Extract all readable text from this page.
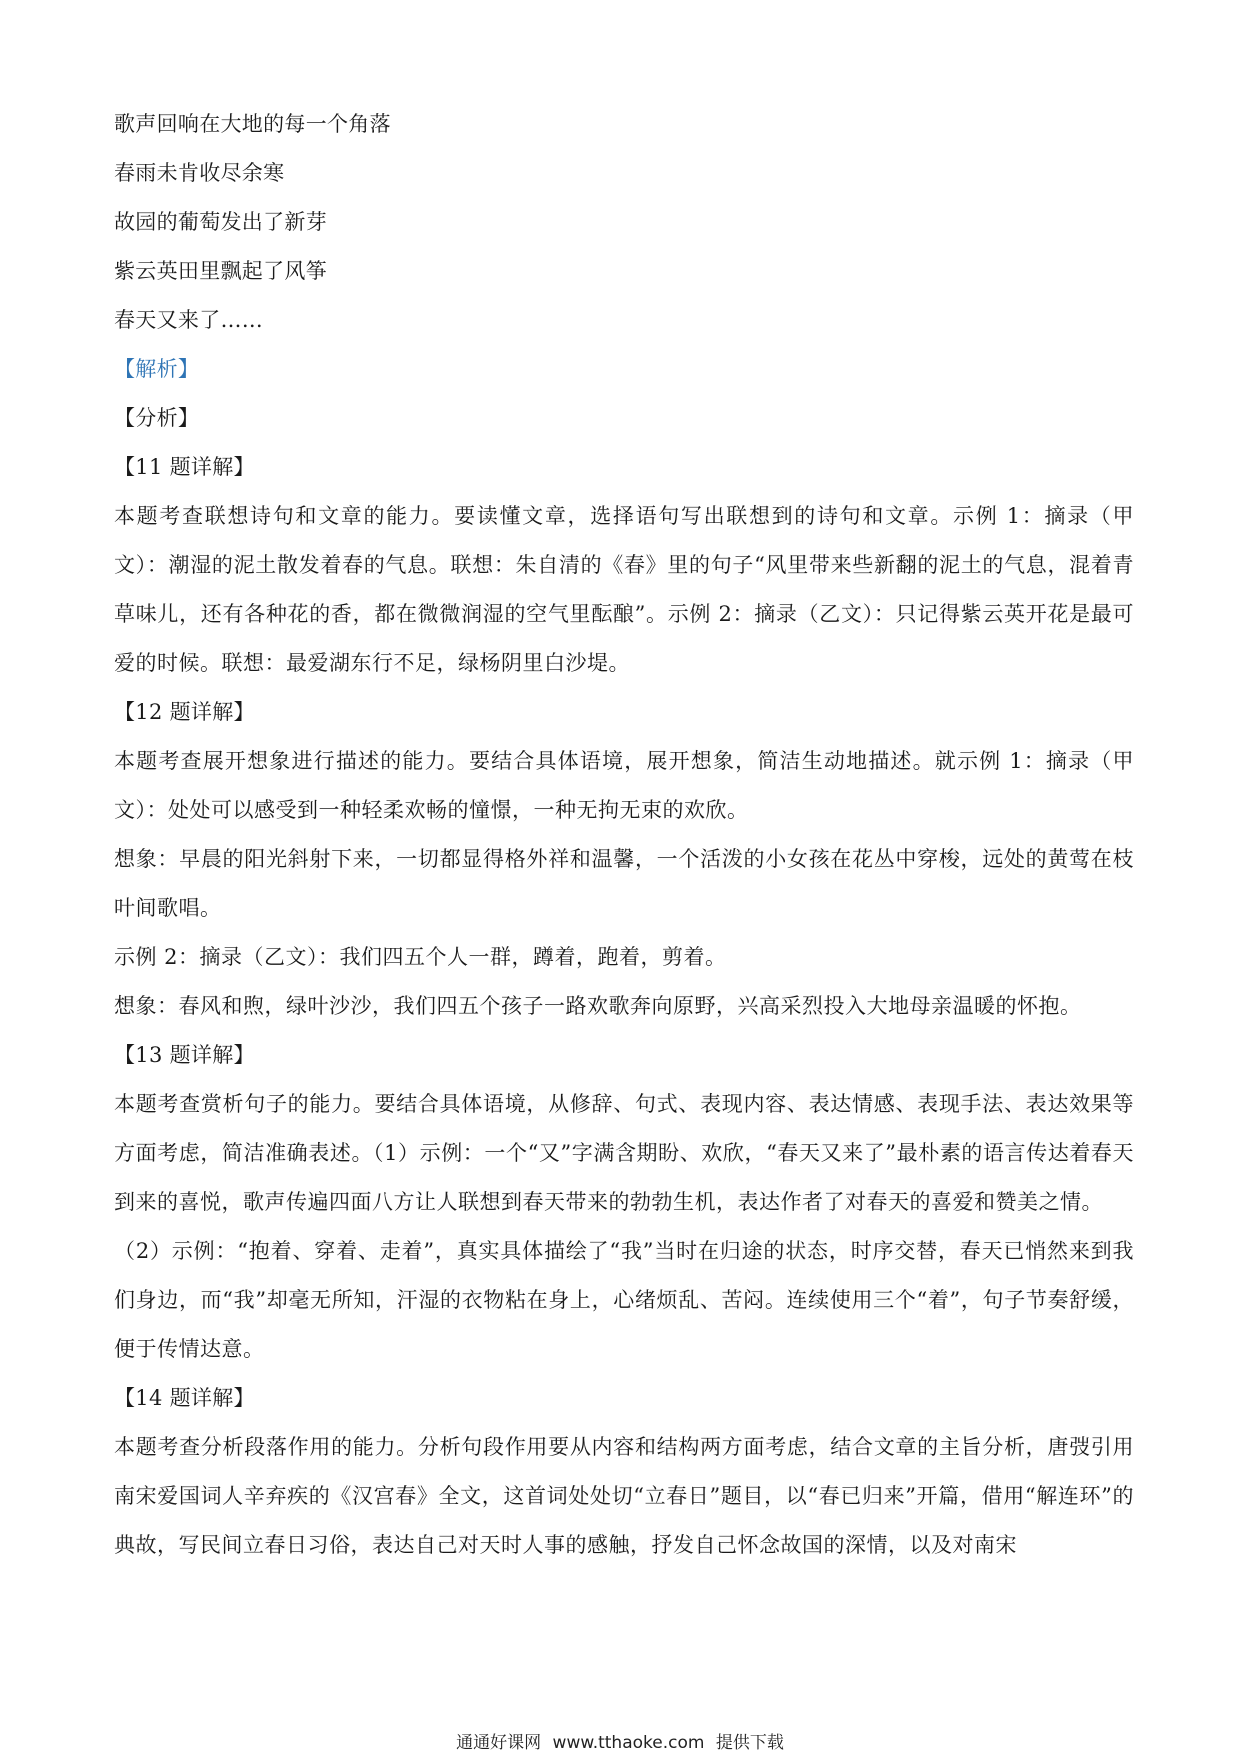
歌声回响在大地的每一个角落

春雨未肯收尽余寒

故园的葡萄发出了新芽

紫云英田里飘起了风筝

春天又来了……

【解析】

【分析】

【11 题详解】

本题考查联想诗句和文章的能力。要读懂文章，选择语句写出联想到的诗句和文章。示例 1：摘录（甲文）：潮湿的泥土散发着春的气息。联想：朱自清的《春》里的句子“风里带来些新翻的泥土的气息，混着青草味儿，还有各种花的香，都在微微润湿的空气里酝酿”。示例 2：摘录（乙文）：只记得紫云英开花是最可爱的时候。联想：最爱湖东行不足，绿杨阴里白沙堤。

【12 题详解】

本题考查展开想象进行描述的能力。要结合具体语境，展开想象，简洁生动地描述。就示例 1：摘录（甲文）：处处可以感受到一种轻柔欢畅的憧憬，一种无拘无束的欢欣。

想象：早晨的阳光斜射下来，一切都显得格外祥和温馨，一个活泼的小女孩在花丛中穿梭，远处的黄莺在枝叶间歌唱。

示例 2：摘录（乙文）：我们四五个人一群，蹲着，跑着，剪着。

想象：春风和煦，绿叶沙沙，我们四五个孩子一路欢歌奔向原野，兴高采烈投入大地母亲温暖的怀抱。

【13 题详解】

本题考查赏析句子的能力。要结合具体语境，从修辞、句式、表现内容、表达情感、表现手法、表达效果等方面考虑，简洁准确表述。（1）示例：一个“又”字满含期盼、欢欣，“春天又来了”最朴素的语言传达着春天到来的喜悦，歌声传遍四面八方让人联想到春天带来的勃勃生机，表达作者了对春天的喜爱和赞美之情。

（2）示例：“抱着、穿着、走着”，真实具体描绘了“我”当时在归途的状态，时序交替，春天已悄然来到我们身边，而“我”却毫无所知，汗湿的衣物粘在身上，心绪烦乱、苦闷。连续使用三个“着”，句子节奏舒缓，便于传情达意。

【14 题详解】

本题考查分析段落作用的能力。分析句段作用要从内容和结构两方面考虑，结合文章的主旨分析，唐弢引用南宋爱国词人辛弃疾的《汉宫春》全文，这首词处处切“立春日”题目，以“春已归来”开篇，借用“解连环”的典故，写民间立春日习俗，表达自己对天时人事的感触，抒发自己怀念故国的深情，以及对南宋

通通好课网 www.tthaoke.com 提供下载
